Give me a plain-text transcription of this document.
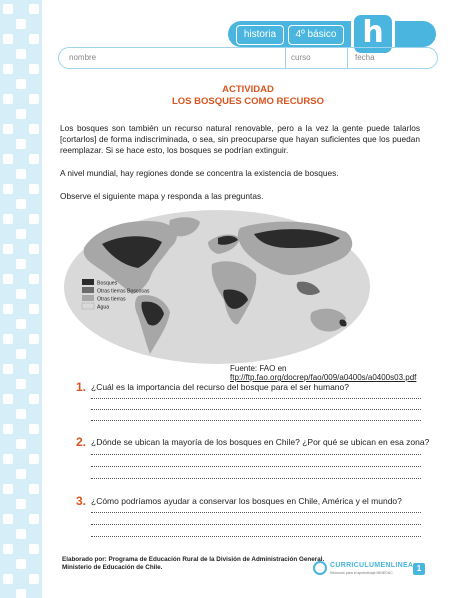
historia	4º básico h
nombre	curso	fecha
ACTIVIDAD
LOS BOSQUES COMO RECURSO
Los bosques son también un recurso natural renovable, pero a la vez la gente puede talarlos [cortarlos] de forma indiscriminada, o sea, sin preocuparse que hayan suficientes que los puedan reemplazar. Si se hace esto, los bosques se podrían extinguir.
A nivel mundial, hay regiones donde se concentra la existencia de bosques.
Observe el siguiente mapa y responda a las preguntas.
Bosques
Otras tierras Boscosas
Otras tierras
Agua
Fuente: FAO en ftp://ftp.fao.org/docrep/fao/009/a0400s/a0400s03.pdf
1. ¿Cuál es la importancia del recurso del bosque para el ser humano?
2. ¿Dónde se ubican la mayoría de los bosques en Chile? ¿Por qué se ubican en esa zona?
3. ¿Cómo podríamos ayudar a conservar los bosques en Chile, América y el mundo?
Elaborado por: Programa de Educación Rural de la División de Administración General.
Ministerio de Educación de Chile.	CURRICULUMENLINEA
Recursos para el aprendizaje MINEDUC	1
